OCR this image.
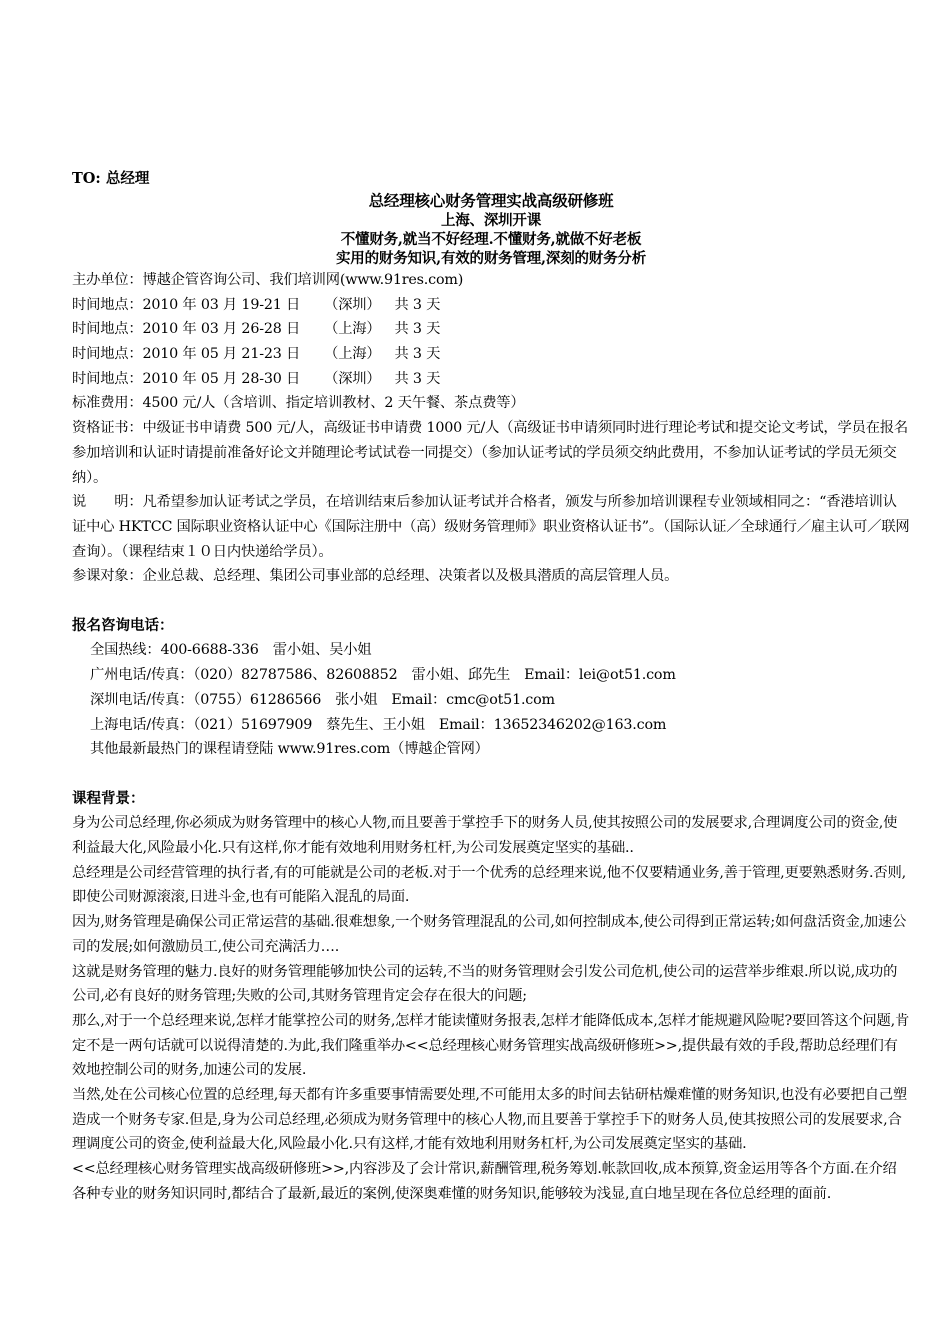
TO: 总经理
总经理核心财务管理实战高级研修班
上海、深圳开课
不懂财务,就当不好经理.不懂财务,就做不好老板
实用的财务知识,有效的财务管理,深刻的财务分析
主办单位：博越企管咨询公司、我们培训网(www.91res.com)
时间地点：2010 年 03 月 19-21 日 （深圳） 共 3 天
时间地点：2010 年 03 月 26-28 日 （上海） 共 3 天
时间地点：2010 年 05 月 21-23 日 （上海） 共 3 天
时间地点：2010 年 05 月 28-30 日 （深圳） 共 3 天
标准费用：4500 元/人（含培训、指定培训教材、2 天午餐、茶点费等）
资格证书：中级证书申请费 500 元/人，高级证书申请费 1000 元/人（高级证书申请须同时进行理论考试和提交论文考试，学员在报名参加培训和认证时请提前准备好论文并随理论考试试卷一同提交）（参加认证考试的学员须交纳此费用，不参加认证考试的学员无须交纳）。
说　　明：凡希望参加认证考试之学员，在培训结束后参加认证考试并合格者，颁发与所参加培训课程专业领域相同之：“香港培训认证中心 HKTCC 国际职业资格认证中心《国际注册中（高）级财务管理师》职业资格认证书”。（国际认证／全球通行／雇主认可／联网查询）。（课程结束１０日内快递给学员）。
参课对象：企业总裁、总经理、集团公司事业部的总经理、决策者以及极具潜质的高层管理人员。
报名咨询电话：
全国热线：400-6688-336 雷小姐、吴小姐
广州电话/传真：（020）82787586、82608852 雷小姐、邱先生 Email：lei@ot51.com
深圳电话/传真：（0755）61286566 张小姐 Email：cmc@ot51.com
上海电话/传真：（021）51697909 蔡先生、王小姐 Email：13652346202@163.com
其他最新最热门的课程请登陆 www.91res.com（博越企管网）
课程背景：
身为公司总经理,你必须成为财务管理中的核心人物,而且要善于掌控手下的财务人员,使其按照公司的发展要求,合理调度公司的资金,使利益最大化,风险最小化.只有这样,你才能有效地利用财务杠杆,为公司发展奠定坚实的基础..
总经理是公司经营管理的执行者,有的可能就是公司的老板.对于一个优秀的总经理来说,他不仅要精通业务,善于管理,更要熟悉财务.否则,即使公司财源滚滚,日进斗金,也有可能陷入混乱的局面.
因为,财务管理是确保公司正常运营的基础.很难想象,一个财务管理混乱的公司,如何控制成本,使公司得到正常运转;如何盘活资金,加速公司的发展;如何激励员工,使公司充满活力….
这就是财务管理的魅力.良好的财务管理能够加快公司的运转,不当的财务管理财会引发公司危机,使公司的运营举步维艰.所以说,成功的公司,必有良好的财务管理;失败的公司,其财务管理肯定会存在很大的问题;
那么,对于一个总经理来说,怎样才能掌控公司的财务,怎样才能读懂财务报表,怎样才能降低成本,怎样才能规避风险呢?要回答这个问题,肯定不是一两句话就可以说得清楚的.为此,我们隆重举办<<总经理核心财务管理实战高级研修班>>,提供最有效的手段,帮助总经理们有效地控制公司的财务,加速公司的发展.
当然,处在公司核心位置的总经理,每天都有许多重要事情需要处理,不可能用太多的时间去钻研枯燥难懂的财务知识,也没有必要把自己塑造成一个财务专家.但是,身为公司总经理,必须成为财务管理中的核心人物,而且要善于掌控手下的财务人员,使其按照公司的发展要求,合理调度公司的资金,使利益最大化,风险最小化.只有这样,才能有效地利用财务杠杆,为公司发展奠定坚实的基础.
<<总经理核心财务管理实战高级研修班>>,内容涉及了会计常识,薪酬管理,税务筹划.帐款回收,成本预算,资金运用等各个方面.在介绍各种专业的财务知识同时,都结合了最新,最近的案例,使深奥难懂的财务知识,能够较为浅显,直白地呈现在各位总经理的面前.
